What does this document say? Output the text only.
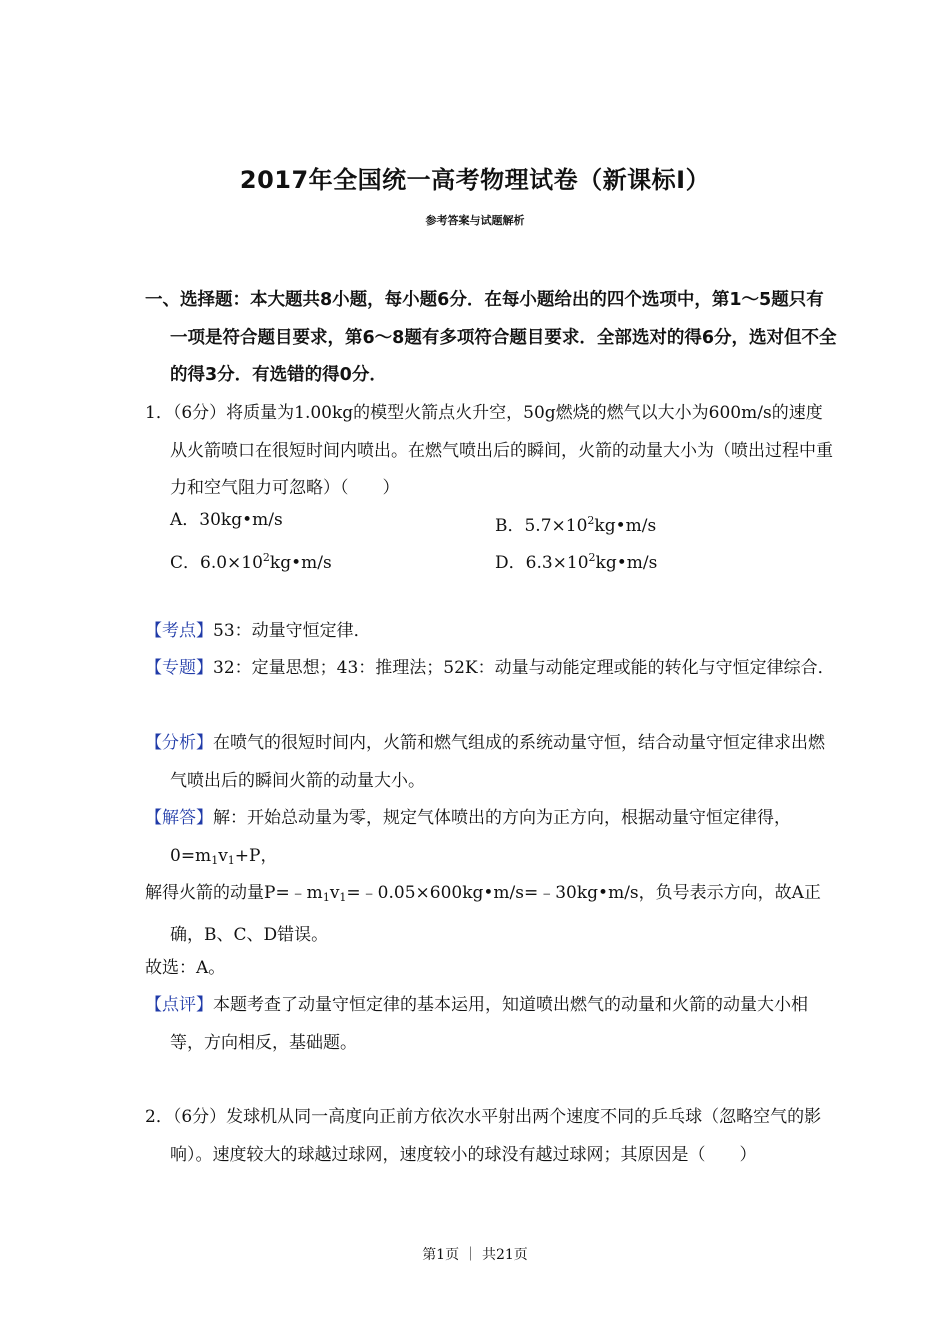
2017年全国统一高考物理试卷（新课标Ⅰ）
参考答案与试题解析
一、选择题：本大题共8小题，每小题6分．在每小题给出的四个选项中，第1～5题只有一项是符合题目要求，第6～8题有多项符合题目要求．全部选对的得6分，选对但不全的得3分．有选错的得0分．
1．（6分）将质量为1.00kg的模型火箭点火升空，50g燃烧的燃气以大小为600m/s的速度从火箭喷口在很短时间内喷出。在燃气喷出后的瞬间，火箭的动量大小为（喷出过程中重力和空气阻力可忽略）（　　）
A．30kg•m/s	B．$5.7\times 10^2kg•m/s$
C．$6.0\times 10^2kg•m/s$	D．$6.3\times 10^2kg•m/s$
【考点】53：动量守恒定律．
【专题】32：定量思想；43：推理法；52K：动量与动能定理或能的转化与守恒定律综合．
【分析】在喷气的很短时间内，火箭和燃气组成的系统动量守恒，结合动量守恒定律求出燃气喷出后的瞬间火箭的动量大小。
【解答】解：开始总动量为零，规定气体喷出的方向为正方向，根据动量守恒定律得，$0=m_1v_1+P$，
解得火箭的动量$P=﹣m_1v_1=﹣0.05\times 600kg•m/s=﹣30kg•m/s$，负号表示方向，故A正确，B、C、D错误。
故选：A。
【点评】本题考查了动量守恒定律的基本运用，知道喷出燃气的动量和火箭的动量大小相等，方向相反，基础题。
2．（6分）发球机从同一高度向正前方依次水平射出两个速度不同的乒乓球（忽略空气的影响）。速度较大的球越过球网，速度较小的球没有越过球网；其原因是（　　）
第1页 ｜ 共21页
